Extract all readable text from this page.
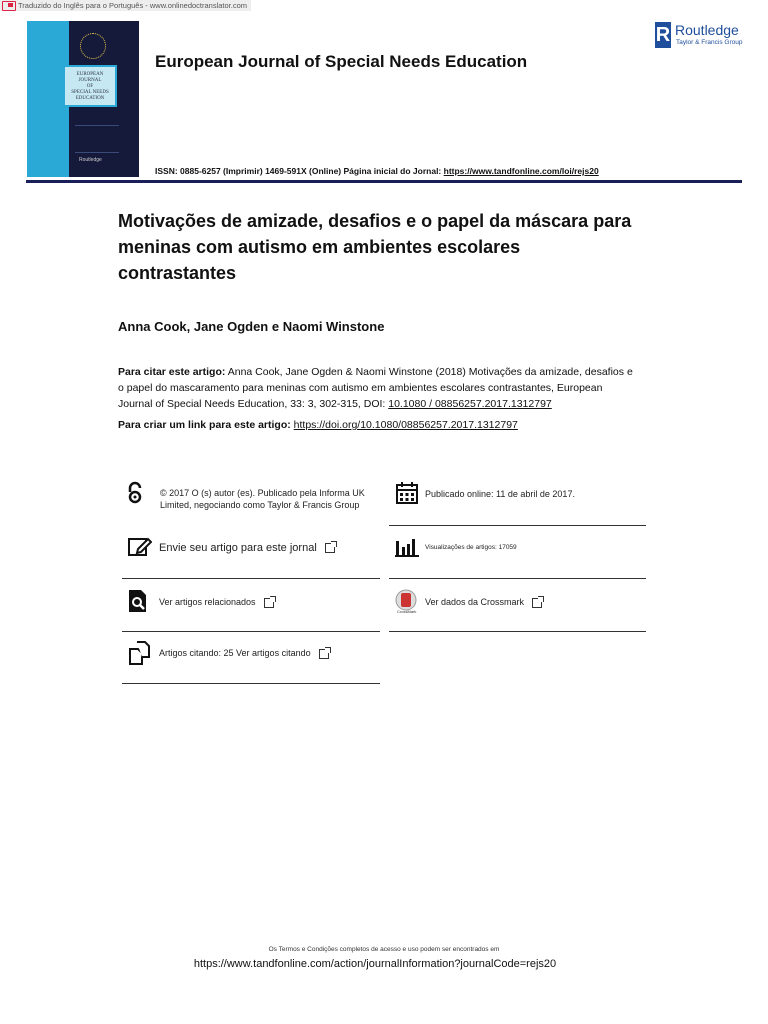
Traduzido do Inglês para o Português - www.onlinedoctranslator.com
EUROPEAN
JOURNAL
OF
SPECIAL NEEDS
EDUCATION
Routledge
European Journal of Special Needs Education
R Routledge
Taylor & Francis Group
ISSN: 0885-6257 (Imprimir) 1469-591X (Online) Página inicial do Jornal: https://www.tandfonline.com/loi/rejs20
Motivações de amizade, desafios e o papel da máscara para meninas com autismo em ambientes escolares contrastantes
Anna Cook, Jane Ogden e Naomi Winstone
Para citar este artigo: Anna Cook, Jane Ogden & Naomi Winstone (2018) Motivações da amizade, desafios e o papel do mascaramento para meninas com autismo em ambientes escolares contrastantes, European Journal of Special Needs Education, 33: 3, 302-315, DOI: 10.1080 / 08856257.2017.1312797
Para criar um link para este artigo: https://doi.org/10.1080/08856257.2017.1312797
© 2017 O (s) autor (es). Publicado pela Informa UK Limited, negociando como Taylor & Francis Group
Publicado online: 11 de abril de 2017.
Envie seu artigo para este jornal	Visualizações de artigos: 17059
Ver artigos relacionados
CrossMark
Ver dados da Crossmark
Artigos citando: 25 Ver artigos citando
Os Termos e Condições completos de acesso e uso podem ser encontrados em
https://www.tandfonline.com/action/journalInformation?journalCode=rejs20
